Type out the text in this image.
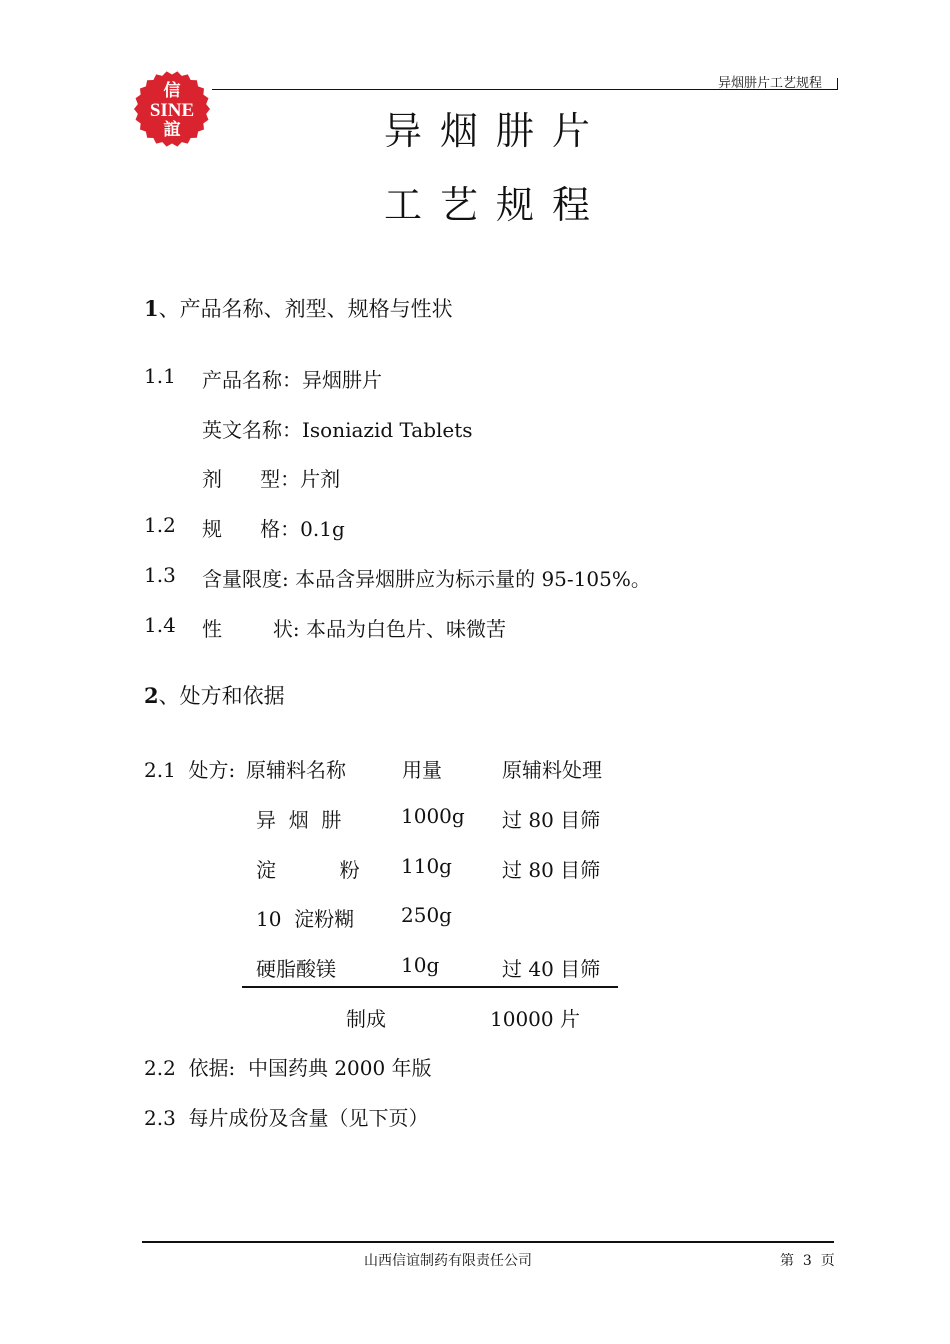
信
SINE
誼
异烟肼片工艺规程
异烟肼片
工艺规程
1、产品名称、剂型、规格与性状
1.1 产品名称：异烟肼片
英文名称：Isoniazid Tablets
剂      型：片剂
1.2 规      格：0.1g
1.3 含量限度: 本品含异烟肼应为标示量的 95-105%。
1.4 性        状: 本品为白色片、味微苦
2、处方和依据
2.1  处方: 原辅料名称	用量	原辅料处理
异  烟  肼	1000g 过 80 目筛
淀          粉 110g	过 80 目筛
10  淀粉糊 250g
硬脂酸镁	10g	过 40 目筛
制成	10000 片
2.2  依据:  中国药典 2000 年版
2.3  每片成份及含量（见下页）
山西信谊制药有限责任公司	第  3  页
